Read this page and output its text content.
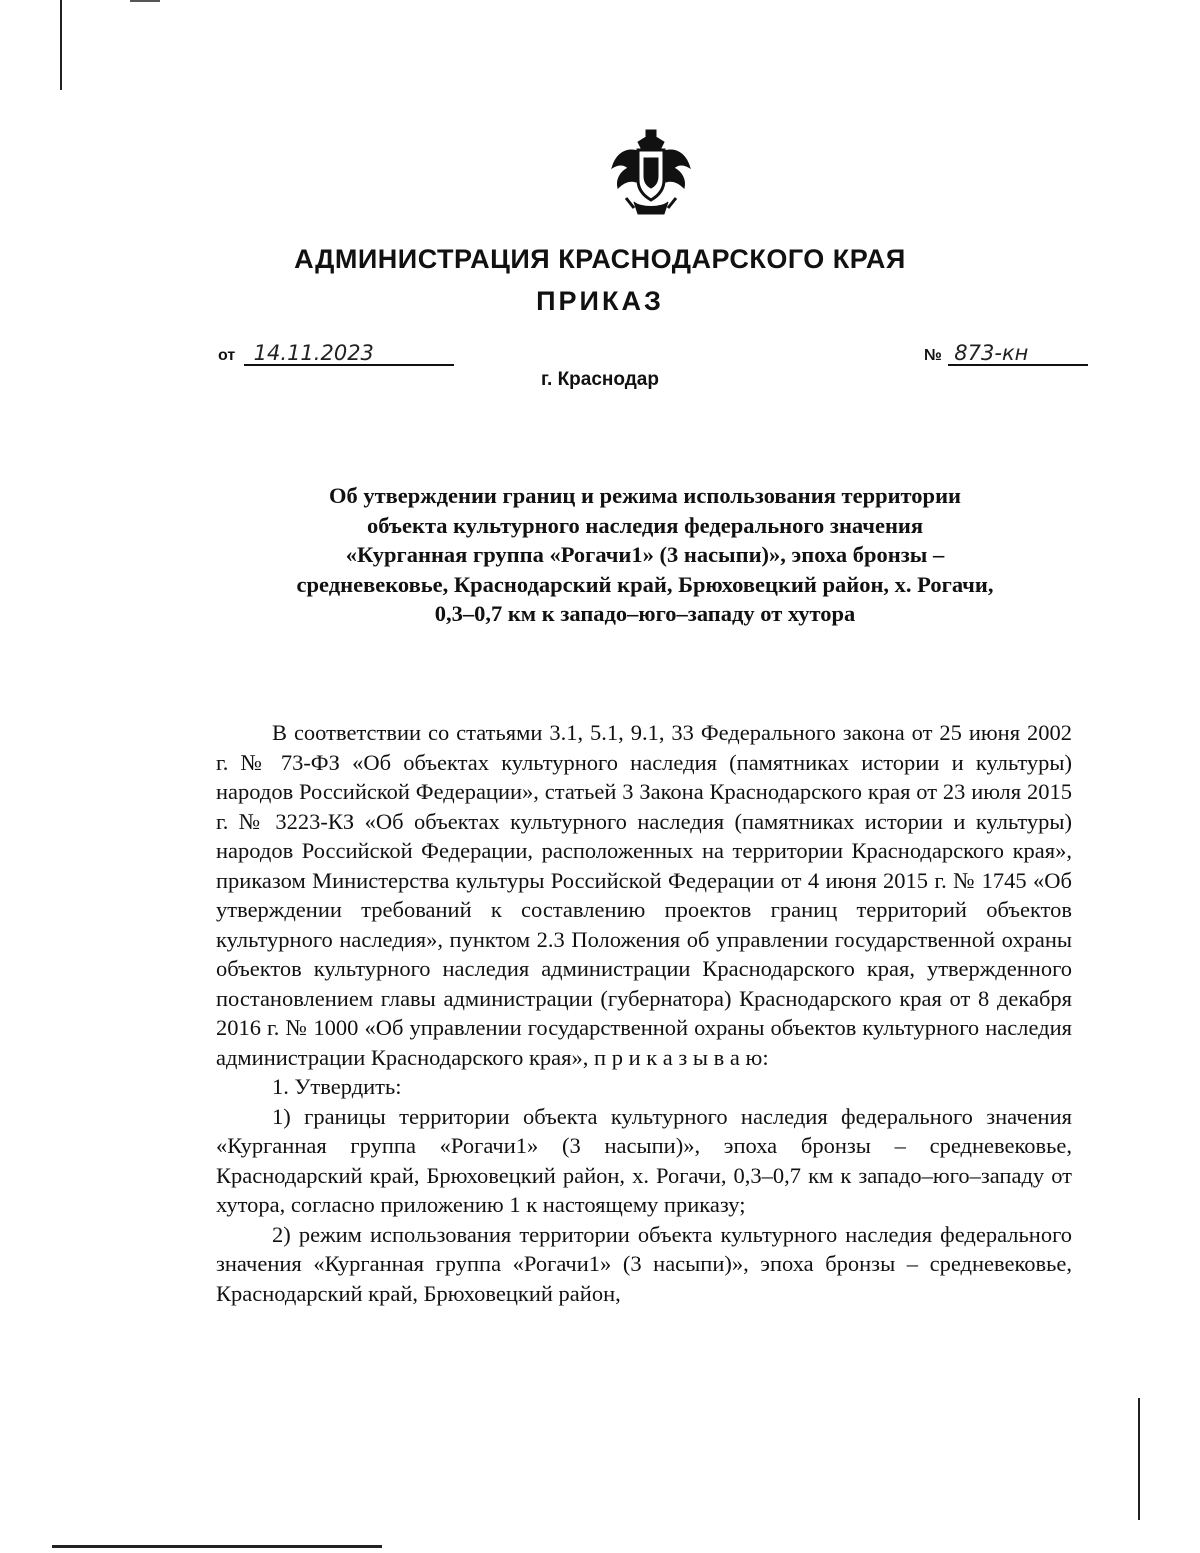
АДМИНИСТРАЦИЯ КРАСНОДАРСКОГО КРАЯ
ПРИКАЗ
от 14.11.2023	№ 873-кн
г. Краснодар
Об утверждении границ и режима использования территории
объекта культурного наследия федерального значения
«Курганная группа «Рогачи1» (3 насыпи)», эпоха бронзы –
средневековье, Краснодарский край, Брюховецкий район, х. Рогачи,
0,3–0,7 км к западо–юго–западу от хутора

В соответствии со статьями 3.1, 5.1, 9.1, 33 Федерального закона от 25 июня 2002 г. № 73-ФЗ «Об объектах культурного наследия (памятниках истории и культуры) народов Российской Федерации», статьей 3 Закона Краснодарского края от 23 июля 2015 г. № 3223-КЗ «Об объектах культурного наследия (памятниках истории и культуры) народов Российской Федерации, расположенных на территории Краснодарского края», приказом Министерства культуры Российской Федерации от 4 июня 2015 г. № 1745 «Об утверждении требований к составлению проектов границ территорий объектов культурного наследия», пунктом 2.3 Положения об управлении государственной охраны объектов культурного наследия администрации Краснодарского края, утвержденного постановлением главы администрации (губернатора) Краснодарского края от 8 декабря 2016 г. № 1000 «Об управлении государственной охраны объектов культурного наследия администрации Краснодарского края», п р и к а з ы в а ю:

1. Утвердить:

1) границы территории объекта культурного наследия федерального значения «Курганная группа «Рогачи1» (3 насыпи)», эпоха бронзы – средневековье, Краснодарский край, Брюховецкий район, х. Рогачи, 0,3–0,7 км к западо–юго–западу от хутора, согласно приложению 1 к настоящему приказу;

2) режим использования территории объекта культурного наследия федерального значения «Курганная группа «Рогачи1» (3 насыпи)», эпоха бронзы – средневековье, Краснодарский край, Брюховецкий район,
